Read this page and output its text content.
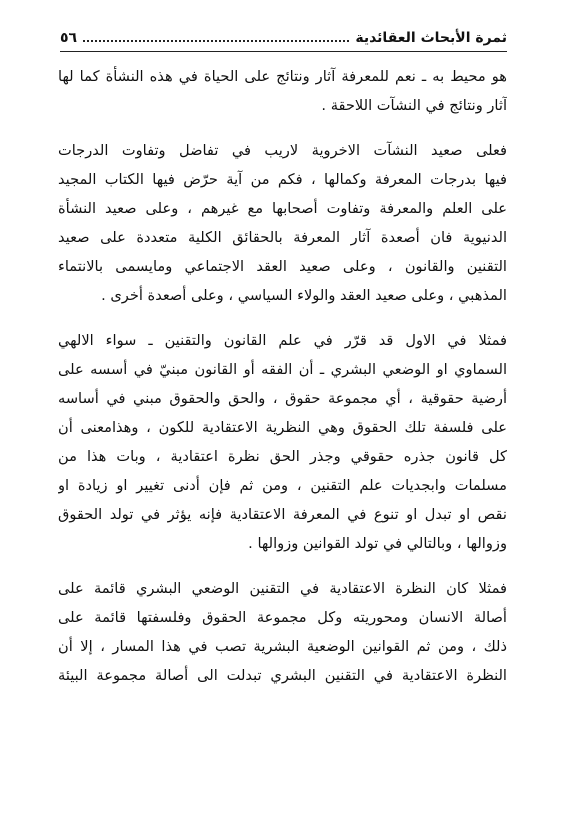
ثمرة الأبحاث العقائدية
٥٦
هو محيط به ـ نعم للمعرفة آثار ونتائج على الحياة في هذه النشأة كما لها
آثار ونتائج في النشآت اللاحقة .
فعلى صعيد النشآت الاخروية لاريب في تفاضل وتفاوت الدرجات
فيها بدرجات المعرفة وكمالها ، فكم من آية حرّض فيها الكتاب المجيد
على العلم والمعرفة وتفاوت أصحابها مع غيرهم ، وعلى صعيد النشأة
الدنيوية فان أصعدة آثار المعرفة بالحقائق الكلية متعددة على صعيد
التقنين والقانون ، وعلى صعيد العقد الاجتماعي ومايسمى بالانتماء
المذهبي ، وعلى صعيد العقد والولاء السياسي ، وعلى أصعدة أخرى .
فمثلا في الاول قد قرّر في علم القانون والتقنين ـ سواء الالهي
السماوي او الوضعي البشري ـ أن الفقه أو القانون مبنيّ في أسسه على
أرضية حقوقية ، أي مجموعة حقوق ، والحق والحقوق مبني في أساسه
على فلسفة تلك الحقوق وهي النظرية الاعتقادية للكون ، وهذامعنى أن
كل قانون جذره حقوقي وجذر الحق نظرة اعتقادية ، وبات هذا من
مسلمات وابجديات علم التقنين ، ومن ثم فإن أدنى تغيير او زيادة او
نقص او تبدل او تنوع في المعرفة الاعتقادية فإنه يؤثر في تولد الحقوق
وزوالها ، وبالتالي في تولد القوانين وزوالها .
فمثلا كان النظرة الاعتقادية في التقنين الوضعي البشري قائمة على
أصالة الانسان ومحوريته وكل مجموعة الحقوق وفلسفتها قائمة على
ذلك ، ومن ثم القوانين الوضعية البشرية تصب في هذا المسار ، إلا أن
النظرة الاعتقادية في التقنين البشري تبدلت الى أصالة مجموعة البيئة
